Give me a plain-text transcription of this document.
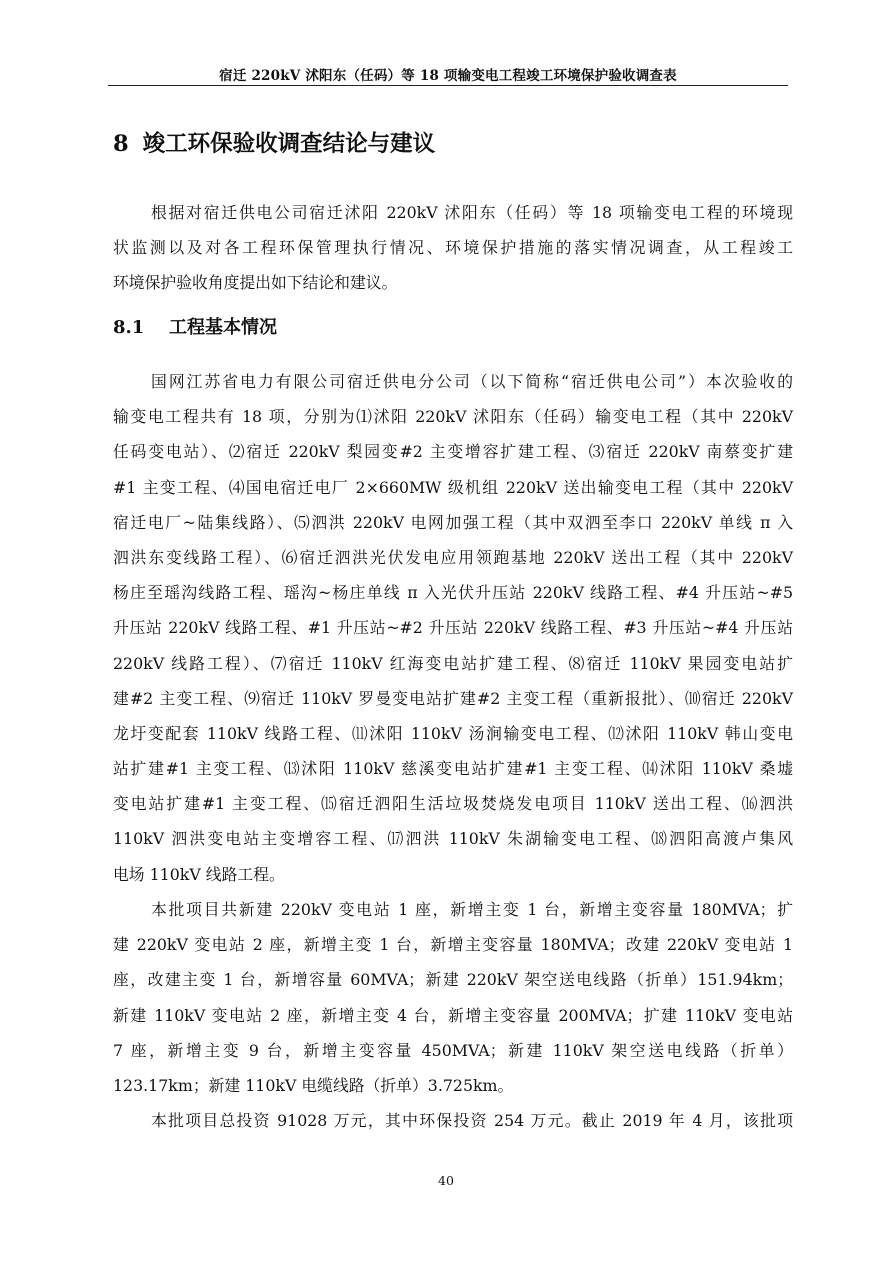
宿迁 220kV 沭阳东（任码）等 18 项输变电工程竣工环境保护验收调查表
8 竣工环保验收调查结论与建议
根据对宿迁供电公司宿迁沭阳 220kV 沭阳东（任码）等 18 项输变电工程的环境现
状监测以及对各工程环保管理执行情况、环境保护措施的落实情况调查，从工程竣工
环境保护验收角度提出如下结论和建议。
8.1 工程基本情况
国网江苏省电力有限公司宿迁供电分公司（以下简称“宿迁供电公司”）本次验收的
输变电工程共有 18 项，分别为⑴沭阳 220kV 沭阳东（任码）输变电工程（其中 220kV
任码变电站）、⑵宿迁 220kV 梨园变#2 主变增容扩建工程、⑶宿迁 220kV 南蔡变扩建
#1 主变工程、⑷国电宿迁电厂 2×660MW 级机组 220kV 送出输变电工程（其中 220kV
宿迁电厂~陆集线路）、⑸泗洪 220kV 电网加强工程（其中双泗至李口 220kV 单线 π 入
泗洪东变线路工程）、⑹宿迁泗洪光伏发电应用领跑基地 220kV 送出工程（其中 220kV
杨庄至瑶沟线路工程、瑶沟~杨庄单线 π 入光伏升压站 220kV 线路工程、#4 升压站~#5
升压站 220kV 线路工程、#1 升压站~#2 升压站 220kV 线路工程、#3 升压站~#4 升压站
220kV 线路工程）、⑺宿迁 110kV 红海变电站扩建工程、⑻宿迁 110kV 果园变电站扩
建#2 主变工程、⑼宿迁 110kV 罗曼变电站扩建#2 主变工程（重新报批）、⑽宿迁 220kV
龙圩变配套 110kV 线路工程、⑾沭阳 110kV 汤涧输变电工程、⑿沭阳 110kV 韩山变电
站扩建#1 主变工程、⒀沭阳 110kV 慈溪变电站扩建#1 主变工程、⒁沭阳 110kV 桑墟
变电站扩建#1 主变工程、⒂宿迁泗阳生活垃圾焚烧发电项目 110kV 送出工程、⒃泗洪
110kV 泗洪变电站主变增容工程、⒄泗洪 110kV 朱湖输变电工程、⒅泗阳高渡卢集风
电场 110kV 线路工程。
本批项目共新建 220kV 变电站 1 座，新增主变 1 台，新增主变容量 180MVA；扩
建 220kV 变电站 2 座，新增主变 1 台，新增主变容量 180MVA；改建 220kV 变电站 1
座，改建主变 1 台，新增容量 60MVA；新建 220kV 架空送电线路（折单）151.94km；
新建 110kV 变电站 2 座，新增主变 4 台，新增主变容量 200MVA；扩建 110kV 变电站
7 座，新增主变 9 台，新增主变容量 450MVA；新建 110kV 架空送电线路（折单）
123.17km；新建 110kV 电缆线路（折单）3.725km。
本批项目总投资 91028 万元，其中环保投资 254 万元。截止 2019 年 4 月，该批项
40
